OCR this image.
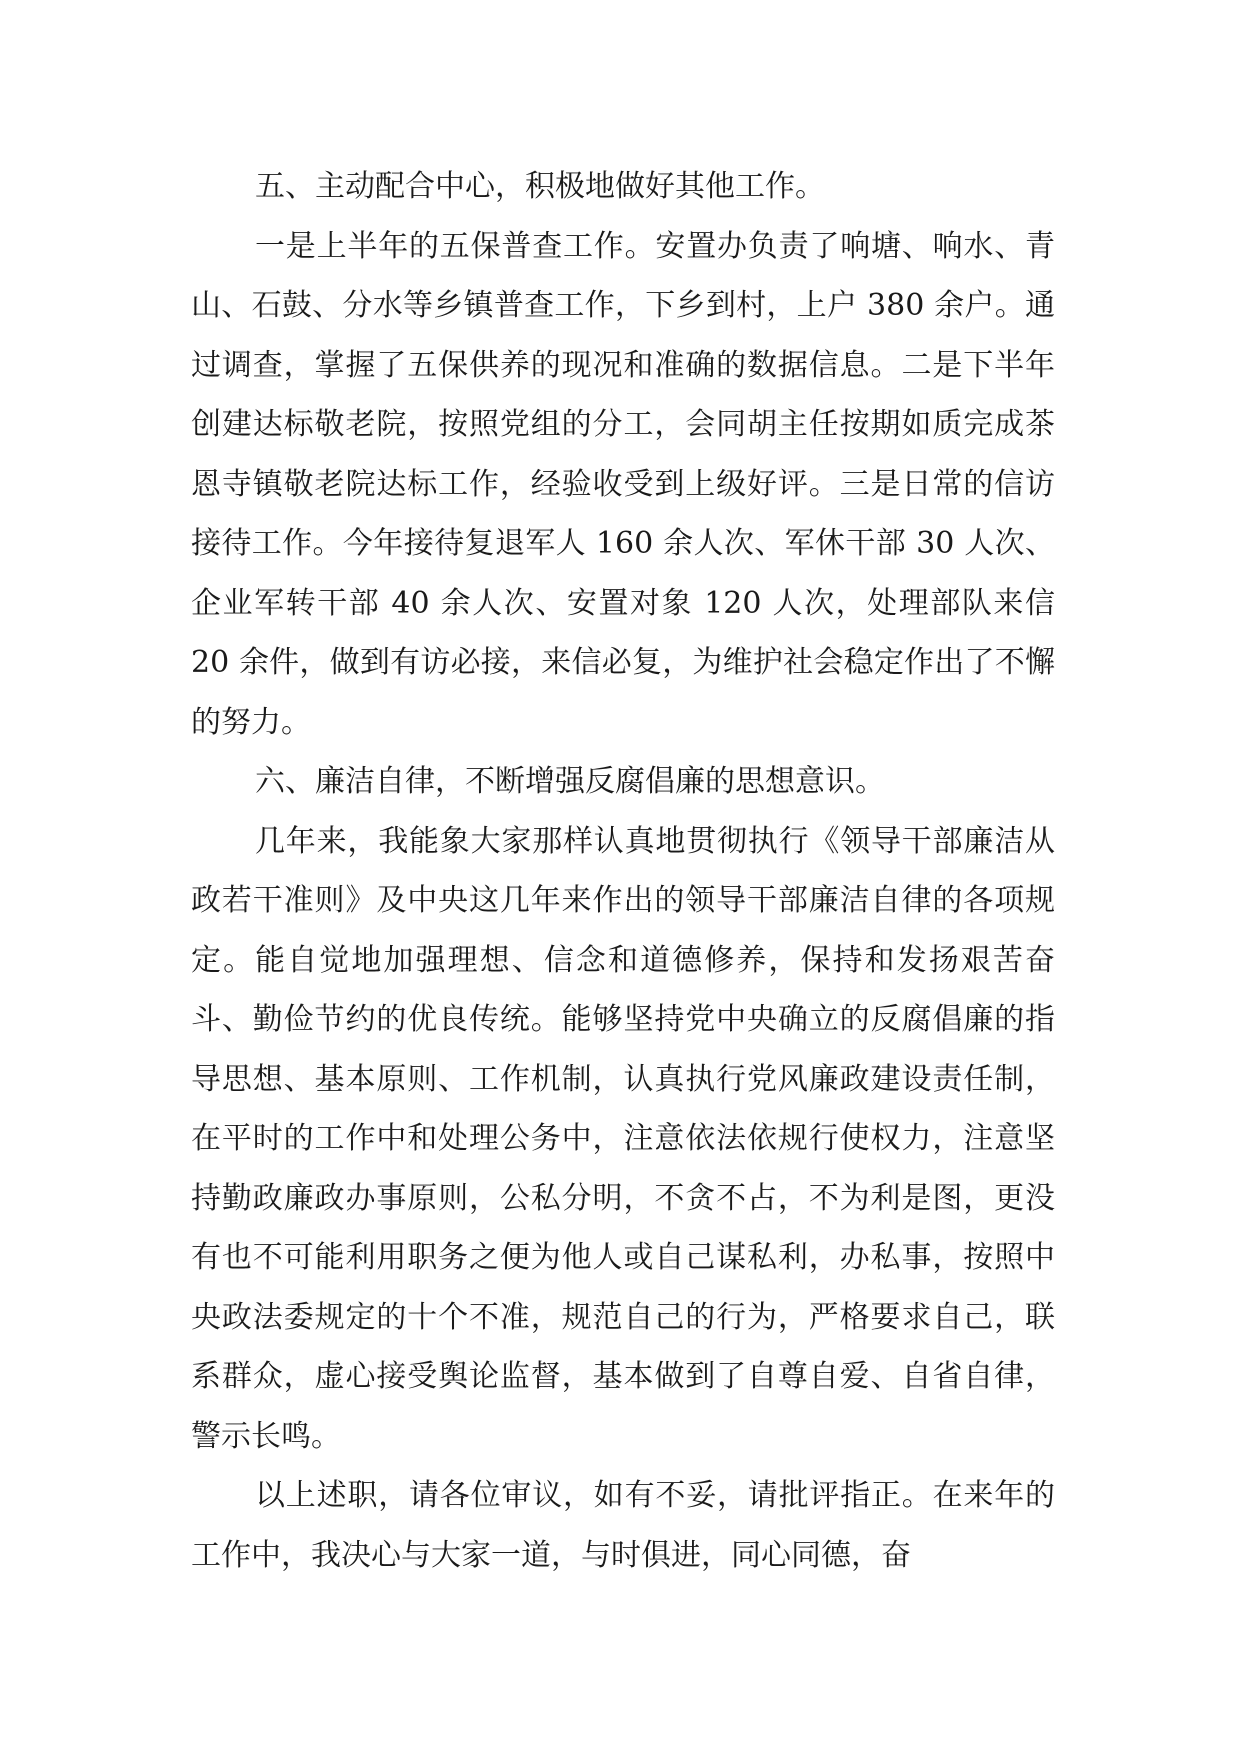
五、主动配合中心，积极地做好其他工作。

一是上半年的五保普查工作。安置办负责了响塘、响水、青山、石鼓、分水等乡镇普查工作，下乡到村，上户 380 余户。通过调查，掌握了五保供养的现况和准确的数据信息。二是下半年创建达标敬老院，按照党组的分工，会同胡主任按期如质完成茶恩寺镇敬老院达标工作，经验收受到上级好评。三是日常的信访接待工作。今年接待复退军人 160 余人次、军休干部 30 人次、企业军转干部 40 余人次、安置对象 120 人次，处理部队来信 20 余件，做到有访必接，来信必复，为维护社会稳定作出了不懈的努力。

六、廉洁自律，不断增强反腐倡廉的思想意识。

几年来，我能象大家那样认真地贯彻执行《领导干部廉洁从政若干准则》及中央这几年来作出的领导干部廉洁自律的各项规定。能自觉地加强理想、信念和道德修养，保持和发扬艰苦奋斗、勤俭节约的优良传统。能够坚持党中央确立的反腐倡廉的指导思想、基本原则、工作机制，认真执行党风廉政建设责任制，在平时的工作中和处理公务中，注意依法依规行使权力，注意坚持勤政廉政办事原则，公私分明，不贪不占，不为利是图，更没有也不可能利用职务之便为他人或自己谋私利，办私事，按照中央政法委规定的十个不准，规范自己的行为，严格要求自己，联系群众，虚心接受舆论监督，基本做到了自尊自爱、自省自律，警示长鸣。

以上述职，请各位审议，如有不妥，请批评指正。在来年的工作中，我决心与大家一道，与时俱进，同心同德，奋
